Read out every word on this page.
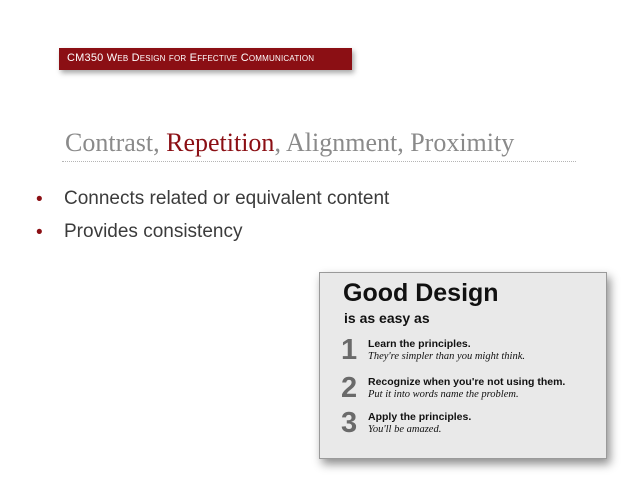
CM350 Web Design for Effective Communication
Contrast, Repetition, Alignment, Proximity
• Connects related or equivalent content
• Provides consistency
Good Design
is as easy as
1 Learn the principles.
They're simpler than you might think.
2 Recognize when you're not using them.
Put it into words name the problem.
3 Apply the principles.
You'll be amazed.
